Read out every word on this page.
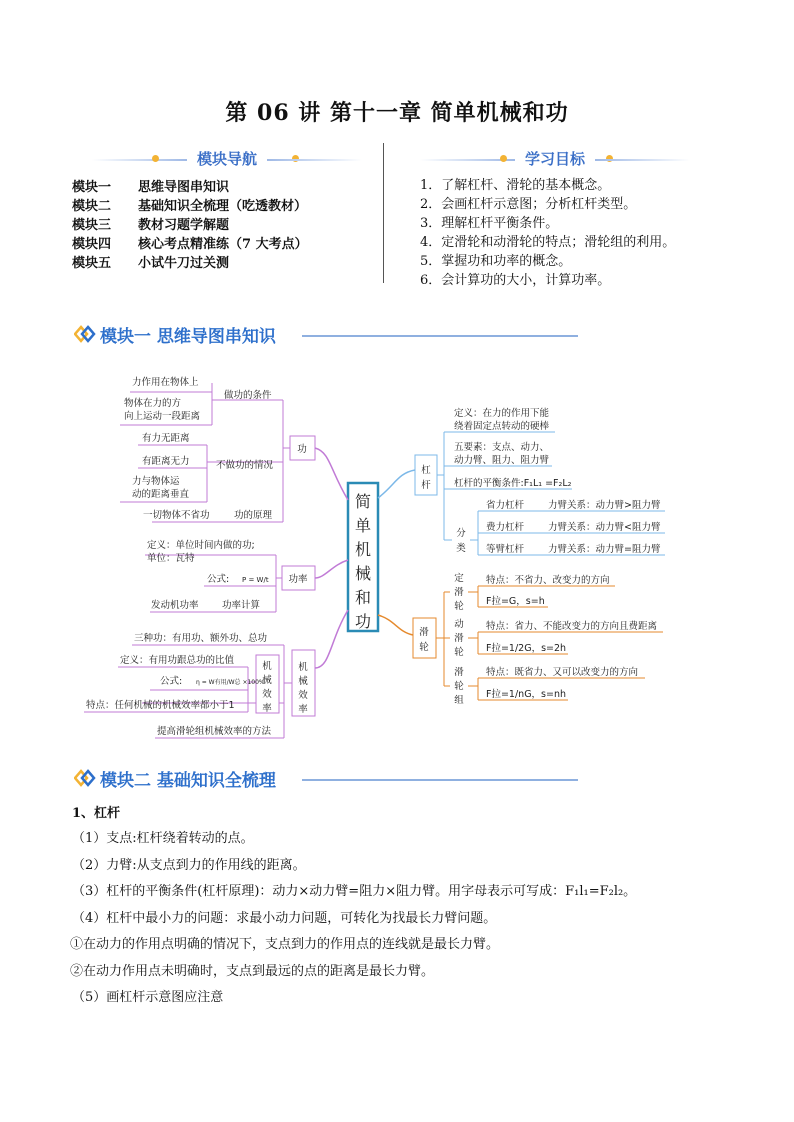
第 06 讲 第十一章 简单机械和功
模块导航	学习目标
模块一 思维导图串知识
模块二 基础知识全梳理（吃透教材）
模块三 教材习题学解题
模块四 核心考点精准练（7 大考点）
模块五 小试牛刀过关测
1．了解杠杆、滑轮的基本概念。
2．会画杠杆示意图；分析杠杆类型。
3．理解杠杆平衡条件。
4．定滑轮和动滑轮的特点；滑轮组的利用。
5．掌握功和功率的概念。
6．会计算功的大小，计算功率。
模块一 思维导图串知识
简
单
机
械
和
功
功
功率
机
械
效
率
机
械
效
率
做功的条件
力作用在物体上
物体在力的方
向上运动一段距离
不做功的情况
有力无距离
有距离无力
力与物体运
动的距离垂直
一切物体不省功	功的原理
定义：单位时间内做的功;
单位：瓦特
公式: P = W/t
发动机功率 功率计算
三种功：有用功、额外功、总功
定义：有用功跟总功的比值
公式: η = W有用/W总 ×100%
特点：任何机械的机械效率都小于1
提高滑轮组机械效率的方法
杠
杆
分
类
定义：在力的作用下能
绕着固定点转动的硬棒
五要素：支点、动力、
动力臂、阻力、阻力臂
杠杆的平衡条件:F₁L₁ =F₂L₂
省力杠杆	力臂关系：动力臂>阻力臂
费力杠杆	力臂关系：动力臂<阻力臂
等臂杠杆	力臂关系：动力臂=阻力臂
滑
轮
定
滑
轮
动
滑
轮
滑
轮
组
特点：不省力、改变力的方向
F拉=G，s=h
特点：省力、不能改变力的方向且费距离
F拉=1/2G，s=2h
特点：既省力、又可以改变力的方向
F拉=1/nG，s=nh
模块二 基础知识全梳理
1、杠杆
（1）支点:杠杆绕着转动的点。
（2）力臂:从支点到力的作用线的距离。
（3）杠杆的平衡条件(杠杆原理)：动力×动力臂=阻力×阻力臂。用字母表示可写成：F₁l₁=F₂l₂。
（4）杠杆中最小力的问题：求最小动力问题，可转化为找最长力臂问题。
①在动力的作用点明确的情况下，支点到力的作用点的连线就是最长力臂。
②在动力作用点未明确时，支点到最远的点的距离是最长力臂。
（5）画杠杆示意图应注意
